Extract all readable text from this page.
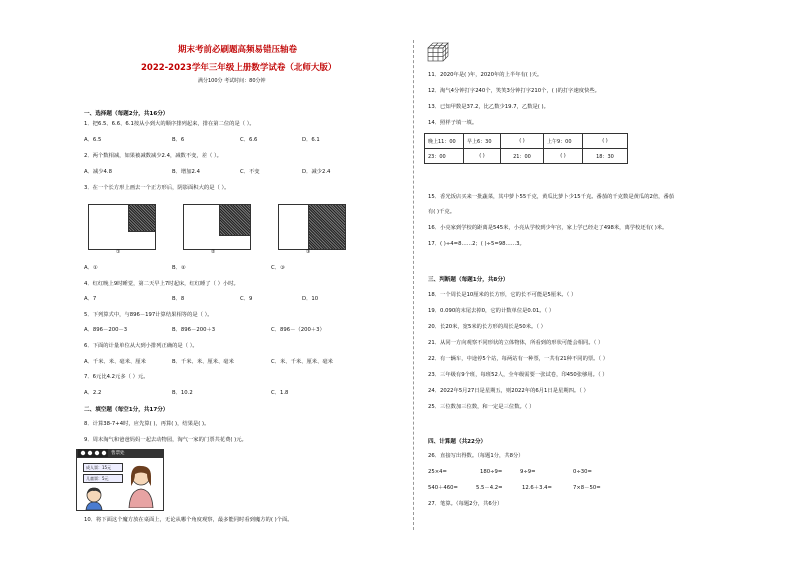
期末考前必刷题高频易错压轴卷
2022-2023学年三年级上册数学试卷（北师大版）
满分100分 考试时间：80分钟
一、选择题（每题2分，共16分）
1．把6.5、6.6、6.1按从小到大的顺序排列起来，排在第二位的是（ ）。
A．6.5	B．6	C．6.6	D．6.1
2．两个数相减，如果被减数减少2.4，减数不变，差（ ）。
A．减少4.8	B．增加2.4	C．不变	D．减少2.4
3．在一个长方形上画去一个正方形后，阴影面积大的是（ ）。
①	②	③
A．①	B．②	C．③
4．红红晚上9时睡觉，第二天早上7时起床，红红睡了（ ）小时。
A．7	B．8	C．9	D．10
5．下列算式中，与896－197计算结果相等的是（ ）。
A．896－200－3	B．896－200＋3	C．896－（200＋3）
6．下面的计量单位从大到小排列正确的是（ ）。
A．千米、米、毫米、厘米	B．千米、米、厘米、毫米	C．米、千米、厘米、毫米
7．6元比4.2元多（ ）元。
A．2.2	B．10.2	C．1.8
二、填空题（每空1分，共17分）
8．计算38-7+4时，应先算( )，再算( )，结果是( )。
9．周末淘气和爸爸妈妈一起去动物园，淘气一家的门票共花费( )元。
售票处
成人票：15元
儿童票：5元
10．将下面这个魔方放在桌面上，无论从哪个角度观察，最多能同时看到魔方的( )个面。
11．2020年是( )年，2020年的上半年有( )天。
12．淘气4分钟打字240个，笑笑3分钟打字210个，( )的打字速度快些。
13．已知甲数是37.2，比乙数少19.7，乙数是( )。
14．照样子填一填。
晚上11：00	早上6：30	( )	上午9：00	( )
23：00	( )	21：00	( )	18：30
15．香光饭店买来一批蔬菜，其中萝卜55千克，黄瓜比萝卜少15千克。番茄的千克数是黄瓜的2倍，番茄
有( )千克。
16．小亮家到学校的距离是545米，小亮从学校到少年宫，家上学已经走了498米，离学校还有( )米。
17．( )÷4=8……2；( )÷5=98……3。
三、判断题（每题1分，共8分）
18．一个周长是10厘米的长方形，它的长不可能是5厘米。（ ）
19．0.090的末尾去掉0，它的计数单位是0.01。（ ）
20．长20米，宽5米的长方形的周长是50米。（ ）
21．从同一方向观察不同形状的立体物体，所看到的形状可能会相同。（ ）
22．有一辆车，中途停5个站，每两站有一种票，一共有21种不同的票。（ ）
23．三年级有9个班，每班52人，全年级需要一张试卷，印450张够用。（ ）
24．2022年5月27日是星期五，则2022年的6月1日是星期四。（ ）
25．三位数加三位数，和一定是三位数。（ ）
四、计算题（共22分）
26．直接写出得数。（每题1分，共8分）
25×4=	180÷9=	9÷9=	0÷30=
540＋460=	5.5－4.2=	12.6＋3.4=	7×8－50=
27．笔算。（每题2分，共6分）
